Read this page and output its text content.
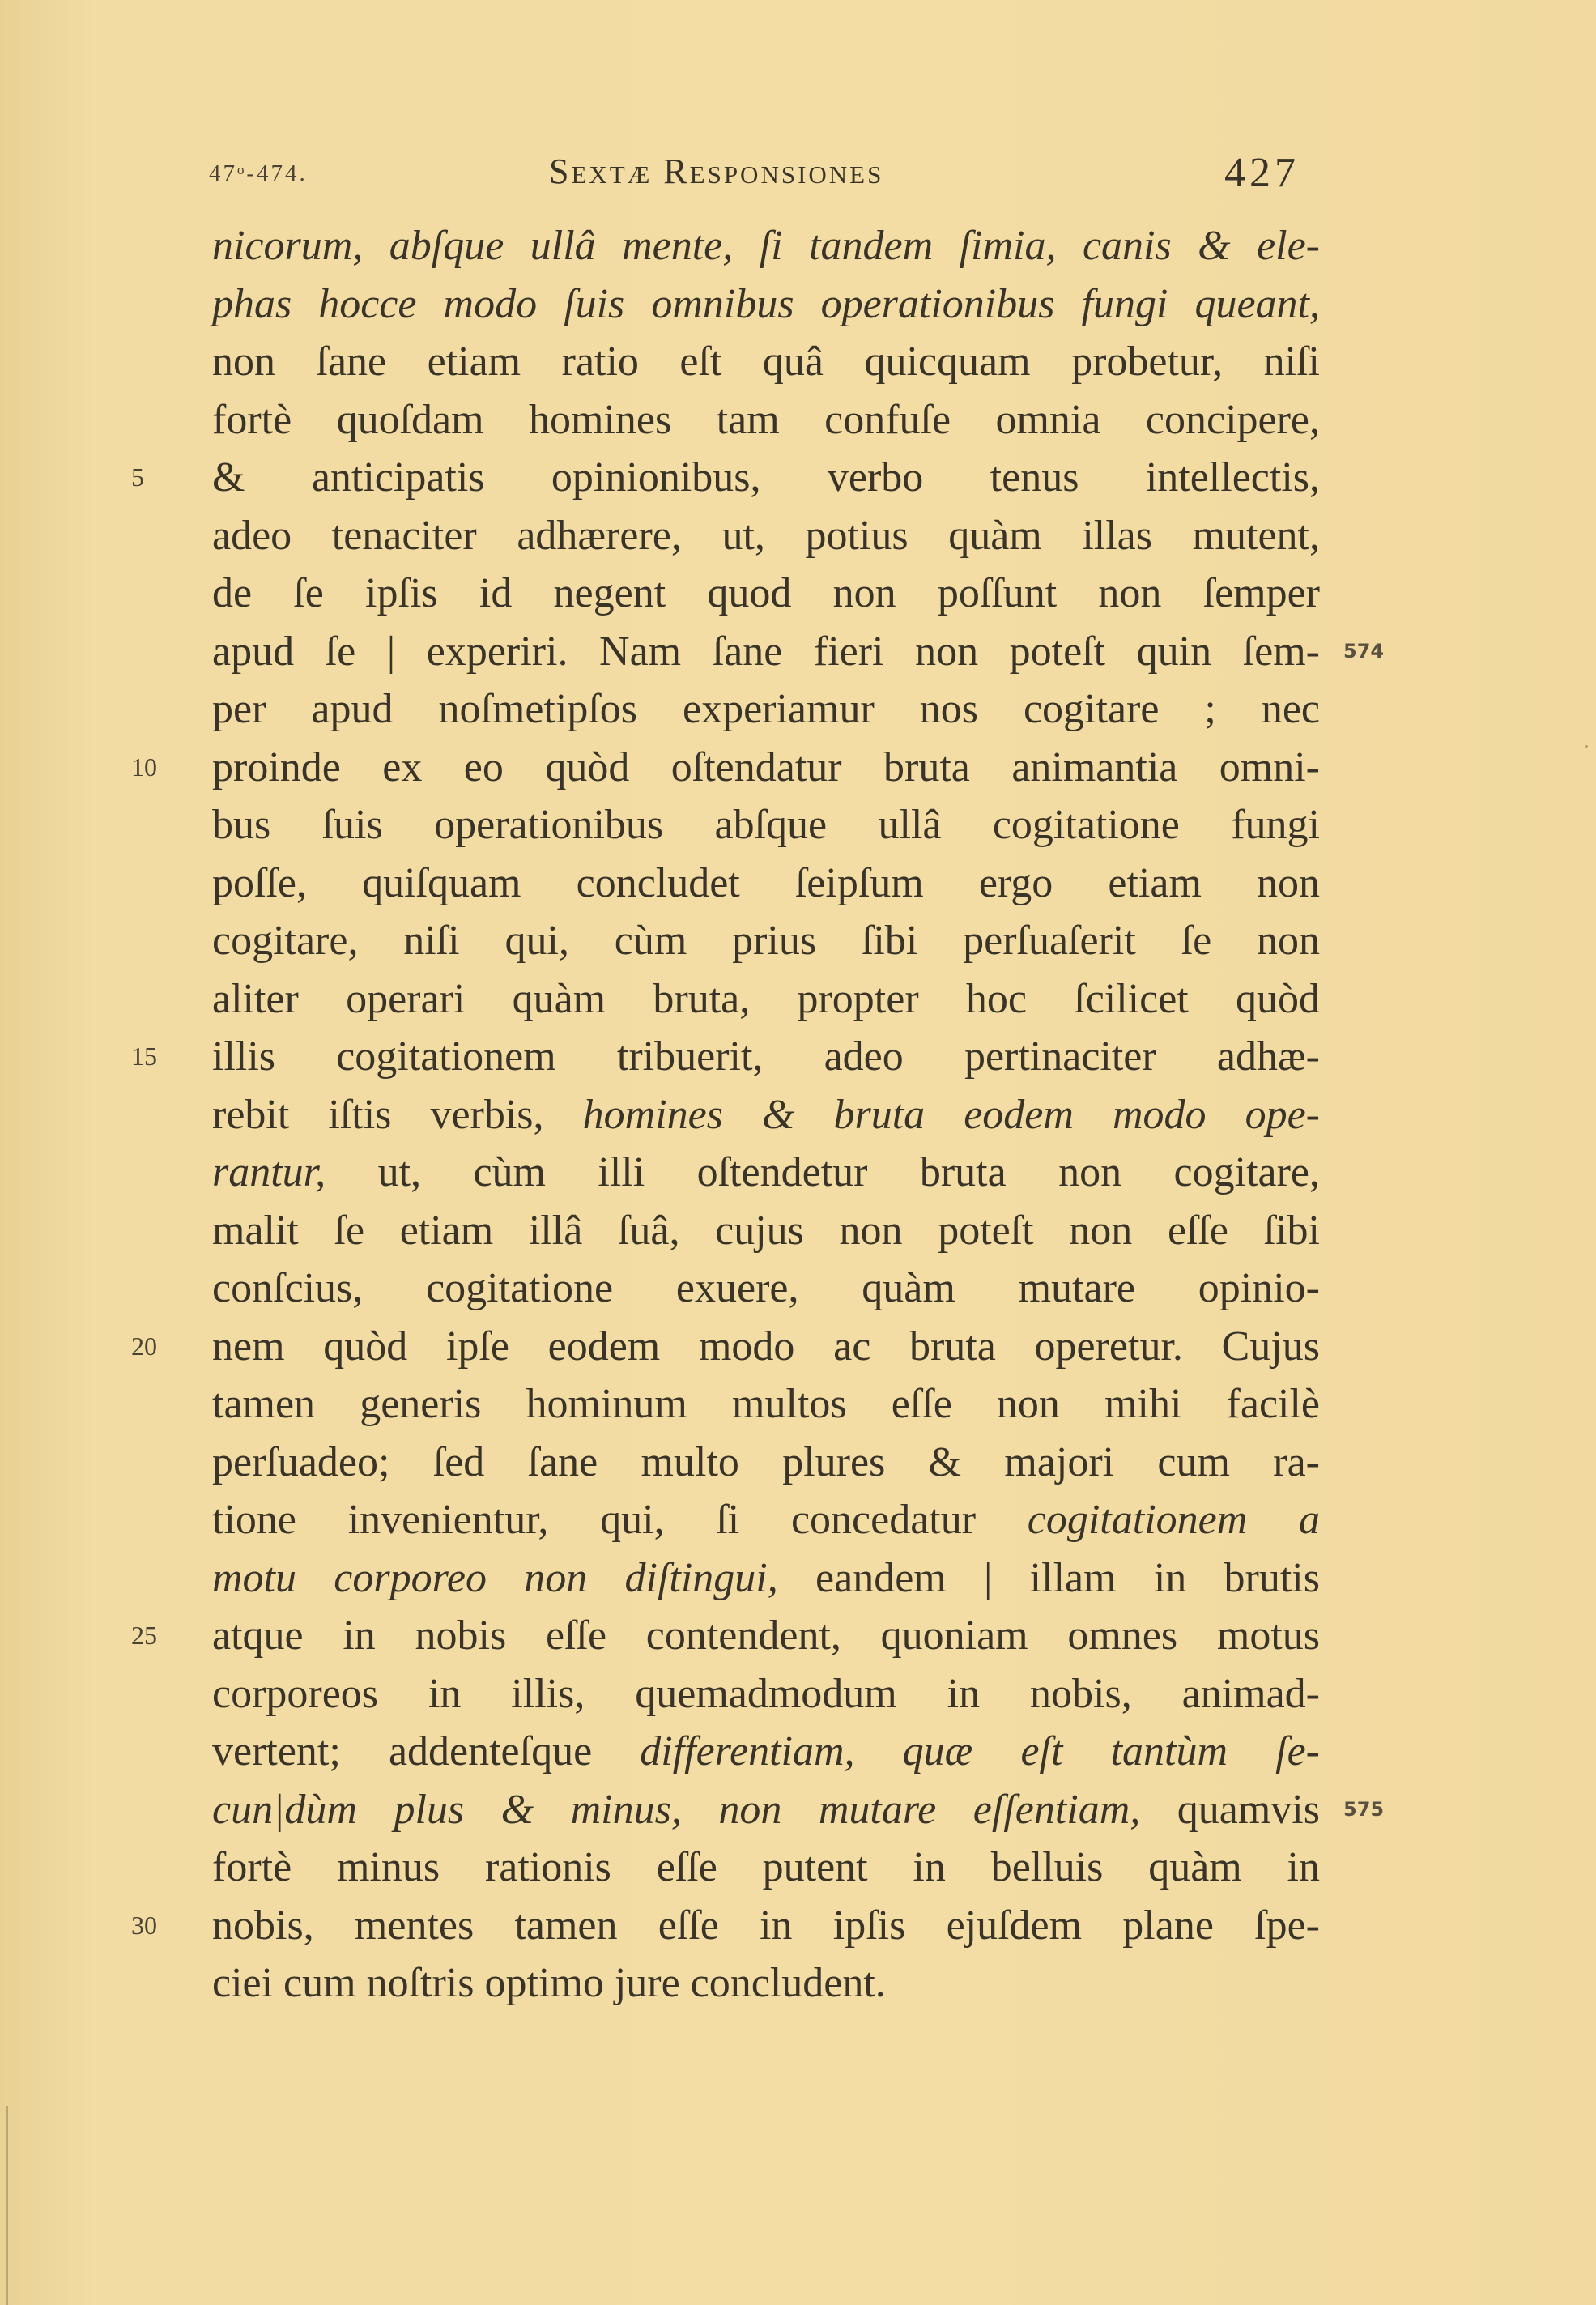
47⁠ᵒ-474.	Sextæ Responsiones	427
nicorum, abſque ullâ mente, ſi tandem ſimia, canis & ele-
phas hocce modo ſuis omnibus operationibus fungi queant,
non ſane etiam ratio eſt quâ quicquam probetur, niſi
fortè quoſdam homines tam confuſe omnia concipere,
& anticipatis opinionibus, verbo tenus intellectis,
5
adeo tenaciter adhærere, ut, potius quàm illas mutent,
de ſe ipſis id negent quod non poſſunt non ſemper
apud ſe | experiri. Nam ſane fieri non poteſt quin ſem- 574
per apud noſmetipſos experiamur nos cogitare ; nec
proinde ex eo quòd oſtendatur bruta animantia omni-
10
bus ſuis operationibus abſque ullâ cogitatione fungi
poſſe, quiſquam concludet ſeipſum ergo etiam non
cogitare, niſi qui, cùm prius ſibi perſuaſerit ſe non
aliter operari quàm bruta, propter hoc ſcilicet quòd
illis cogitationem tribuerit, adeo pertinaciter adhæ-
15
rebit iſtis verbis, homines & bruta eodem modo ope-
rantur, ut, cùm illi oſtendetur bruta non cogitare,
malit ſe etiam illâ ſuâ, cujus non poteſt non eſſe ſibi
conſcius, cogitatione exuere, quàm mutare opinio-
nem quòd ipſe eodem modo ac bruta operetur. Cujus
20
tamen generis hominum multos eſſe non mihi facilè
perſuadeo; ſed ſane multo plures & majori cum ra-
tione invenientur, qui, ſi concedatur cogitationem a
motu corporeo non diſtingui, eandem | illam in brutis
atque in nobis eſſe contendent, quoniam omnes motus
25
corporeos in illis, quemadmodum in nobis, animad-
vertent; addenteſque differentiam, quæ eſt tantùm ſe-
cun|dùm plus & minus, non mutare eſſentiam, quamvis 575
fortè minus rationis eſſe putent in belluis quàm in
nobis, mentes tamen eſſe in ipſis ejuſdem plane ſpe-
30
ciei cum noſtris optimo jure concludent.
